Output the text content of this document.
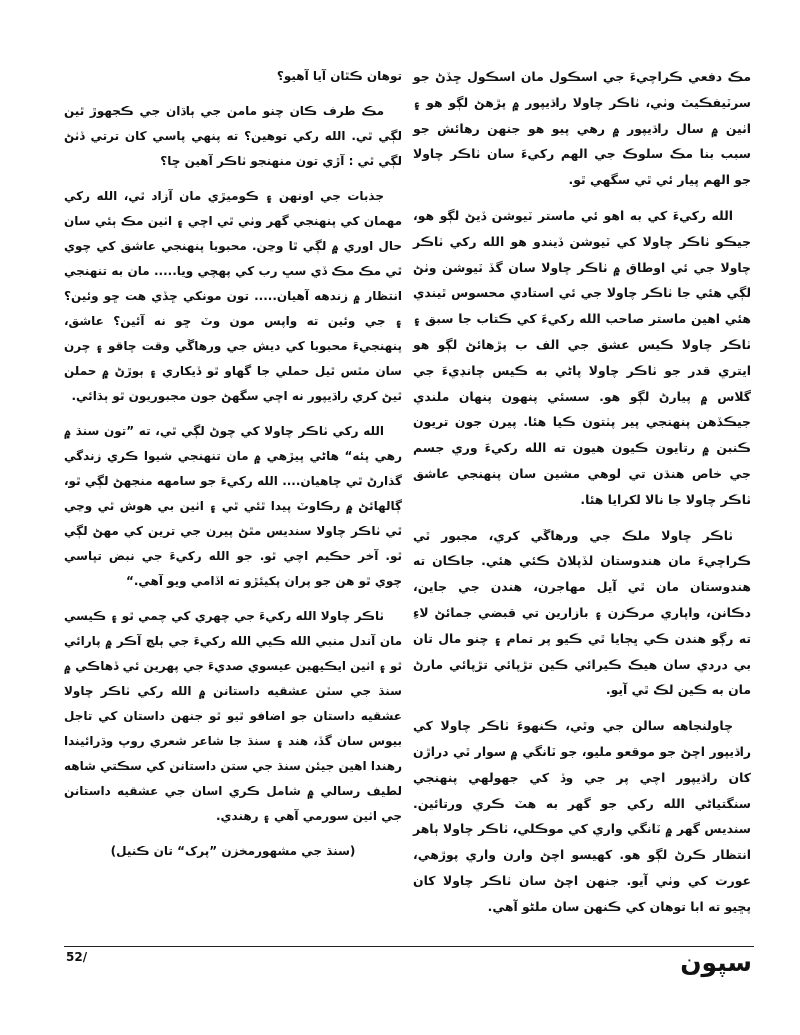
مڪ دفعي ڪراچيءَ جي اسڪول مان اسڪول ڇڏڻ جو سرٽيفڪيٽ وٺي، ٺاڪر چاولا راڌيپور ۾ پڙهڻ لڳو هو ۽ اٺين ۾ سال راڌيپور ۾ رهي پيو هو جنهن رهائش جو سبب بنا مڪ سلوڪ جي الهم رکيءَ سان ٺاڪر چاولا جو الهم پيار ئي ٿي سگهي ٿو.

الله رکيءَ کي به اهو ئي ماستر ٽيوشن ڏيڻ لڳو هو، جيڪو ٺاڪر چاولا کي ٽيوشن ڏيندو هو الله رکي ٺاڪر چاولا جي ئي اوطاق ۾ ٺاڪر چاولا سان گڏ ٽيوشن وٺڻ لڳي هئي جا ٺاڪر چاولا جي ئي استادي محسوس ٿيندي هئي اهين ماستر صاحب الله رکيءَ کي ڪتاب جا سبق ۽ ٺاڪر چاولا ڪيس عشق جي الف ب پڙهائڻ لڳو هو ايتري قدر جو ٺاڪر چاولا پاڻي به ڪيس چانڊيءَ جي گلاس ۾ پيارڻ لڳو هو. سسئي پنهون پنهان ملندي جيڪڏهن پنهنجي پير پٺتون ڪيا هئا. پيرن جون تريون ڪنبن ۾ رتايون ڪيون هيون ته الله رکيءَ وري جسم جي خاص هنڌن تي لوهي مشين سان پنهنجي عاشق ٺاڪر چاولا جا نالا لکرايا هئا.

ٺاڪر چاولا ملڪ جي ورهاڱي کري، مجبور ٿي ڪراچيءَ مان هندوستان لڏپلاڻ ڪئي هئي. جاڪان ته هندوستان مان ٿي آيل مهاجرن، هندن جي جاين، دڪانن، واپاري مرڪزن ۽ بازارين تي قبضي جمائڻ لاءِ ته رڳو هندن ڪي ڀڄايا ٿي ڪيو پر تمام ۽ چنو مال تان بي دردي سان هيڪ ڪيرائي ڪين تڙپائي تڙپائي مارڻ مان به ڪين لڪ ٿي آيو.

چاولنجاهه سالن جي وٿي، ڪنهوءَ ٺاڪر چاولا کي راڌيپور اچڻ جو موقعو مليو، جو ٽانگي ۾ سوار ٿي دراڙن کان راڌيپور اچي پر جي وڏ کي جهولهي پنهنجي سنگتياڻي الله رکي جو گهر به هٽ ڪري ورتائين. سنديس گهر ۾ ٽانگي واري کي موڪلي، ٺاڪر چاولا ٻاهر انتظار ڪرڻ لڳو هو. کهيسو اچڻ وارن واري پوڙهي، عورت کي وٺي آيو. جنهن اچڻ سان ٺاڪر چاولا کان پڇيو ته ابا توهان کي ڪنهن سان ملڻو آهي.

توهان ڪٿان آيا آهيو؟

مڪ طرف ڪان چنو مامن جي ٻاڌان جي ڪجهوڙ ٿين لڳي ٿي. الله رکي توهين؟ ته پنهي پاسي کان ترتي ڏٺڻ لڳي ٿي : آڙي تون منهنجو ٺاڪر آهين ڇا؟

جذبات جي اونهن ۽ ڪوميڙي مان آزاد ٿي، الله رکي مهمان کي پنهنجي گهر وٺي ٿي اچي ۽ اٺين مڪ ٻئي سان حال اوري ۾ لڳي ٿا وڃن. محبوبا پنهنجي عاشق کي چوي ٿي مڪ مڪ ڏي سڀ رب کي پهچي ويا..... مان به تنهنجي انتظار ۾ زندهه آهيان..... تون مونکي ڇڏي هت ڇو وئين؟ ۽ جي وئين ته واپس مون وٽ ڇو نه آئين؟ عاشق، پنهنجيءَ محبوبا کي ديش جي ورهاڱي وقت چاقو ۽ چرن سان مٿس ٿيل حملي جا گهاو ٿو ڏيکاري ۽ ٻوڙڻ ۾ حملن ٿيڻ کري راڌيپور نه اچي سگهڻ جون مجبوريون ٿو ٻڌائي.

الله رکي ٺاڪر چاولا کي چوڻ لڳي ٿي، ته ”تون سنڌ ۾ رهي پئه“ هاڻي پيڙهي ۾ مان تنهنجي شيوا ڪري زندگي گذارڻ ٿي چاهيان.... الله رکيءَ جو سامهه منجهڻ لڳي ٿو، ڳالهائڻ ۾ رڪاوٽ پيدا ٿئي ٿي ۽ اٺين بي هوش ٿي وڃي ٿي ٺاڪر چاولا سنديس مٿڻ پيرن جي ترين کي مهڻ لڳي ٿو. آخر حڪيم اچي ٿو. جو الله رکيءَ جي نبض تپاسي چوي ٿو هن جو پران پکيئڙو ته اڏامي ويو آهي.“

ٺاڪر چاولا الله رکيءَ جي چهري کي چمي ٿو ۽ ڪيسي مان آندل منبي الله ڪيي الله رکيءَ جي ٻلچ آڪر ۾ پارائي ٿو ۽ اٺين ايڪيهين عيسوي صديءَ جي پهرين ئي ڏهاڪي ۾ سنڌ جي سٽن عشقيه داستانن ۾ الله رکي ٺاڪر چاولا عشقيه داستان جو اضافو ٿيو ٿو جنهن داستان کي تاجل بيوس سان گڏ، هند ۽ سنڌ جا شاعر شعري روپ وڌرائيندا رهندا اهين جيئن سنڌ جي ستن داستانن کي سڪتي شاهه لطيف رسالي ۾ شامل ڪري اسان جي عشقيه داستانن جي اٺين سورمي آهي ۽ رهندي.

(سنڌ جي مشهورمخزن ”پرک“ تان ڪنيل)

52/	سپون
